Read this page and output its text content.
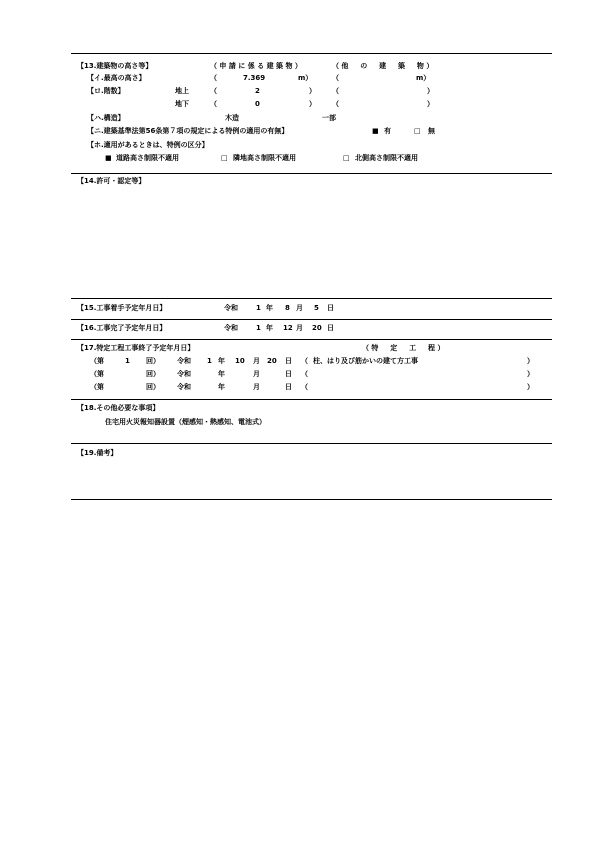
【13.建築物の高さ等】	（ 申 請 に 係 る 建 築 物 ）	（ 他 　 の 　 建 　 築 　 物 ）
【イ.最高の高さ】	（	7.369	m）	（	m）
【ロ.階数】	地上	（	2	） （	）
地下	（	0	） （	）
【ハ.構造】	木造	一部
【ニ.建築基準法第56条第７項の規定による特例の適用の有無】	■ 有	□ 無
【ホ.適用があるときは、特例の区分】
■ 道路高さ制限不適用	□ 隣地高さ制限不適用	□ 北側高さ制限不適用
【14.許可・認定等】
【15.工事着手予定年月日】	令和	1 年 8 月 5 日
【16.工事完了予定年月日】	令和	1 年 12 月 20 日
【17.特定工程工事終了予定年月日】	（ 特 　 定 　 工 　 程 ）
（第	1 回） 令和 1 年 10 月 20 日 （ 柱、はり及び筋かいの建て方工事	）
（第	回） 令和	年	月	日 （	）
（第	回） 令和	年	月	日 （	）
【18.その他必要な事項】
住宅用火災報知器設置（煙感知・熱感知、電池式）
【19.備考】
